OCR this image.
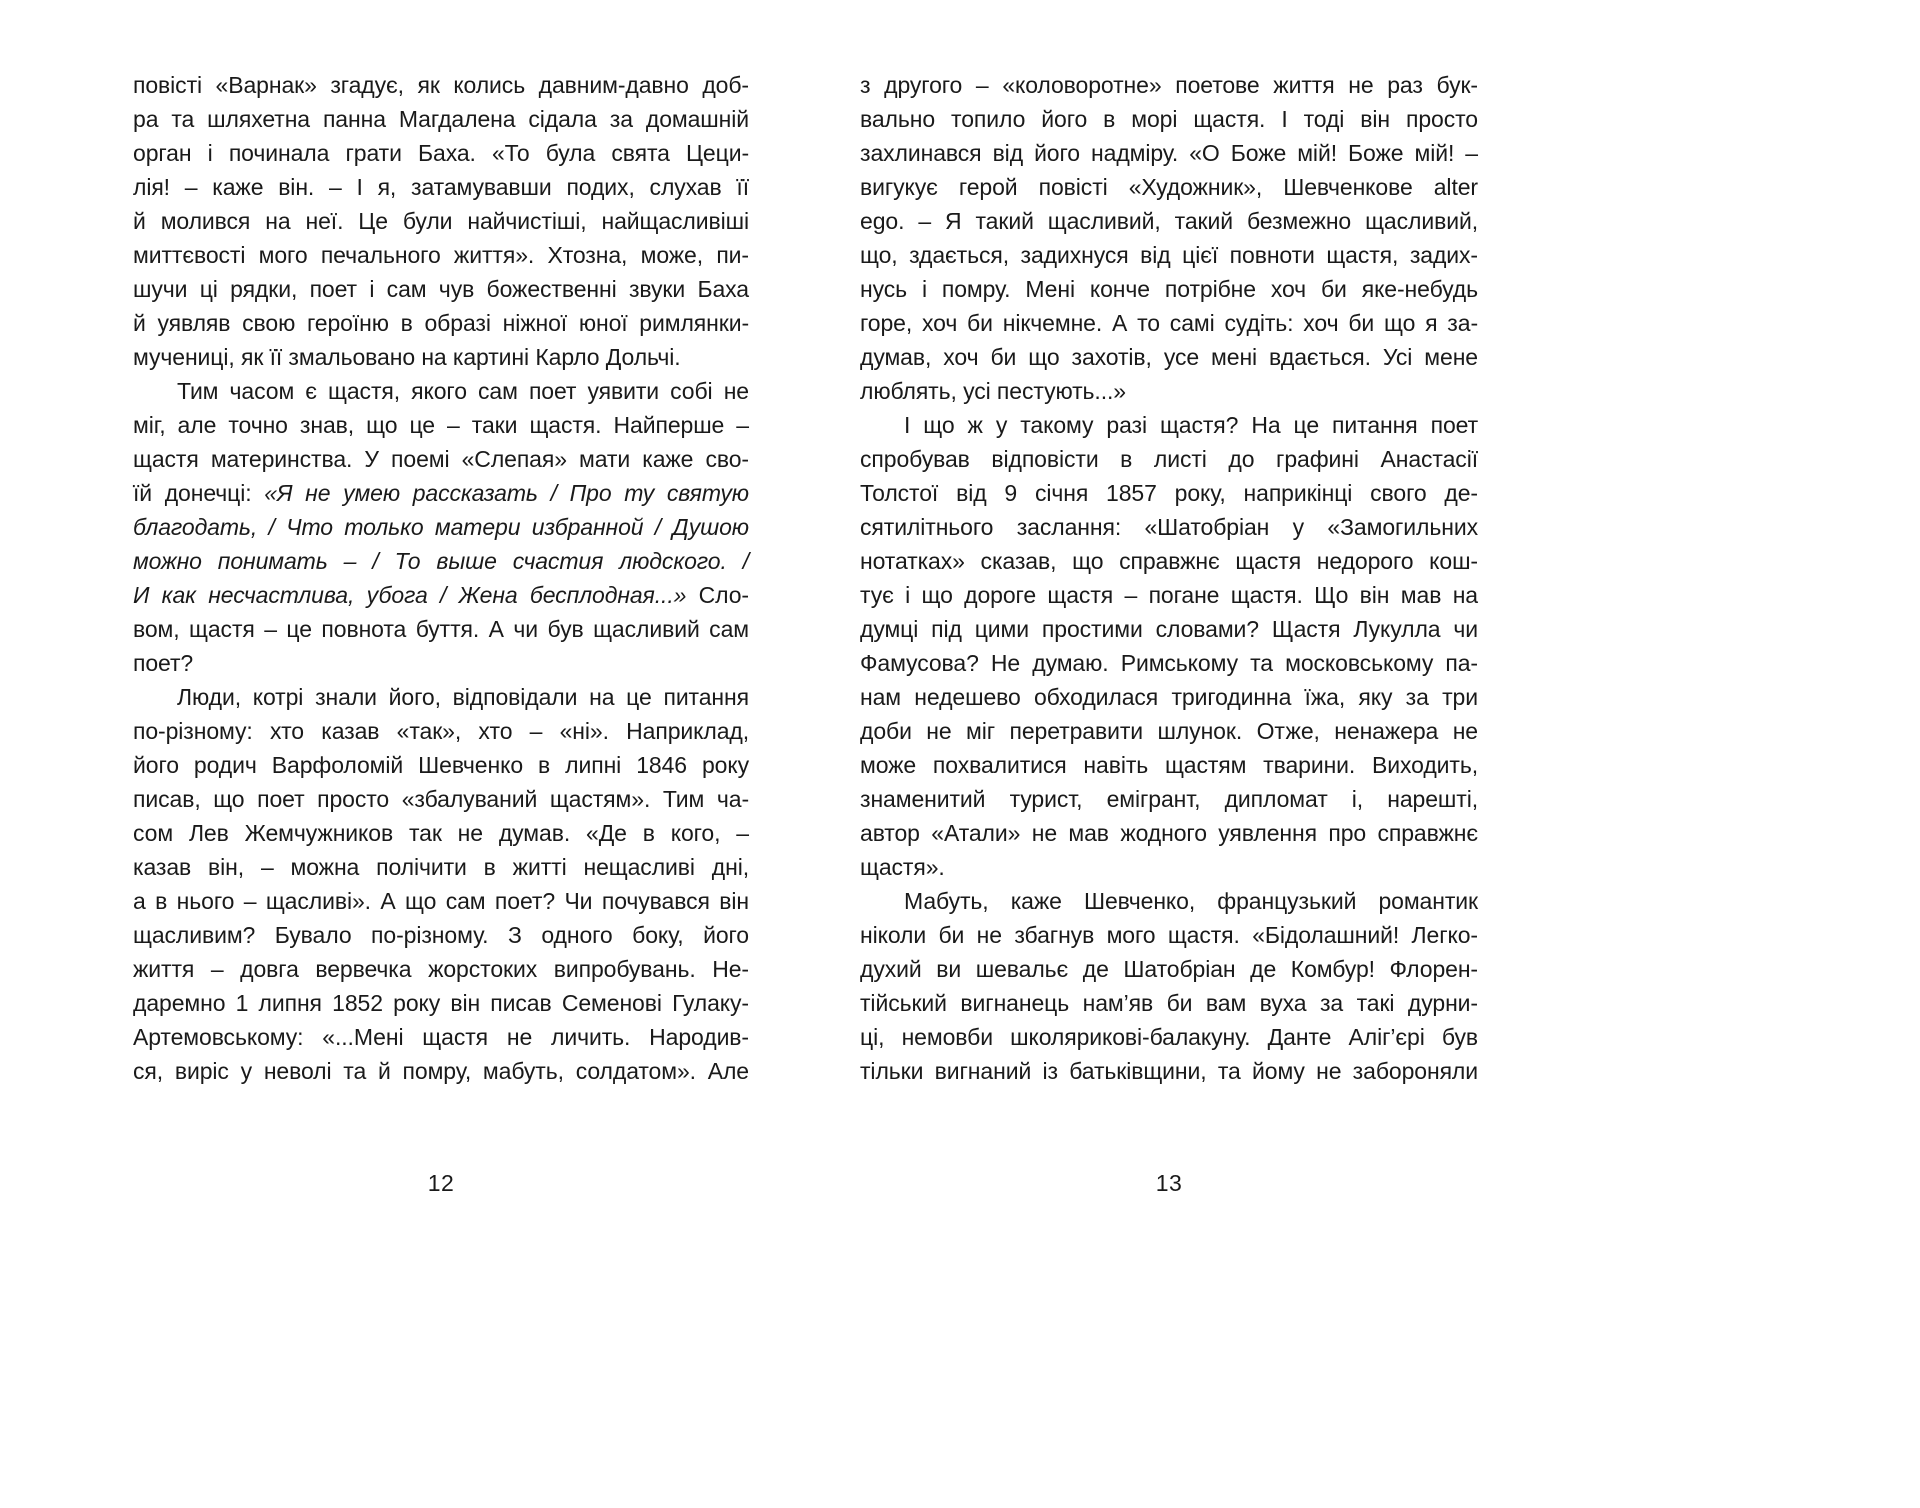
повісті «Варнак» згадує, як колись давним-давно доб-
ра та шляхетна панна Магдалена сідала за домашній
орган і починала грати Баха. «То була свята Цеци-
лія! – каже він. – І я, затамувавши подих, слухав її
й молився на неї. Це були найчистіші, найщасливіші
миттєвості мого печального життя». Хтозна, може, пи-
шучи ці рядки, поет і сам чув божественні звуки Баха
й уявляв свою героїню в образі ніжної юної римлянки-
мучениці, як її змальовано на картині Карло Дольчі.
Тим часом є щастя, якого сам поет уявити собі не
міг, але точно знав, що це – таки щастя. Найперше –
щастя материнства. У поемі «Слепая» мати каже сво-
їй донечці: «Я не умею рассказать / Про ту святую
благодать, / Что только матери избранной / Душою
можно понимать – / То выше счастия людского. /
И как несчастлива, убога / Жена бесплодная...» Сло-
вом, щастя – це повнота буття. А чи був щасливий сам
поет?
Люди, котрі знали його, відповідали на це питання
по-різному: хто казав «так», хто – «ні». Наприклад,
його родич Варфоломій Шевченко в липні 1846 року
писав, що поет просто «збалуваний щастям». Тим ча-
сом Лев Жемчужников так не думав. «Де в кого, –
казав він, – можна полічити в житті нещасливі дні,
а в нього – щасливі». А що сам поет? Чи почувався він
щасливим? Бувало по-різному. З одного боку, його
життя – довга вервечка жорстоких випробувань. Не-
даремно 1 липня 1852 року він писав Семенові Гулаку-
Артемовському: «...Мені щастя не личить. Народив-
ся, виріс у неволі та й помру, мабуть, солдатом». Але
12
з другого – «коловоротне» поетове життя не раз бук-
вально топило його в морі щастя. І тоді він просто
захлинався від його надміру. «О Боже мій! Боже мій! –
вигукує герой повісті «Художник», Шевченкове alter
ego. – Я такий щасливий, такий безмежно щасливий,
що, здається, задихнуся від цієї повноти щастя, задих-
нусь і помру. Мені конче потрібне хоч би яке-небудь
горе, хоч би нікчемне. А то самі судіть: хоч би що я за-
думав, хоч би що захотів, усе мені вдається. Усі мене
люблять, усі пестують...»
І що ж у такому разі щастя? На це питання поет
спробував відповісти в листі до графині Анастасії
Толстої від 9 січня 1857 року, наприкінці свого де-
сятилітнього заслання: «Шатобріан у «Замогильних
нотатках» сказав, що справжнє щастя недорого кош-
тує і що дороге щастя – погане щастя. Що він мав на
думці під цими простими словами? Щастя Лукулла чи
Фамусова? Не думаю. Римському та московському па-
нам недешево обходилася тригодинна їжа, яку за три
доби не міг перетравити шлунок. Отже, ненажера не
може похвалитися навіть щастям тварини. Виходить,
знаменитий турист, емігрант, дипломат і, нарешті,
автор «Атали» не мав жодного уявлення про справжнє
щастя».
Мабуть, каже Шевченко, французький романтик
ніколи би не збагнув мого щастя. «Бідолашний! Легко-
духий ви шевальє де Шатобріан де Комбур! Флорен-
тійський вигнанець нам’яв би вам вуха за такі дурни-
ці, немовби школярикові-балакуну. Данте Аліг’єрі був
тільки вигнаний із батьківщини, та йому не забороняли
13
